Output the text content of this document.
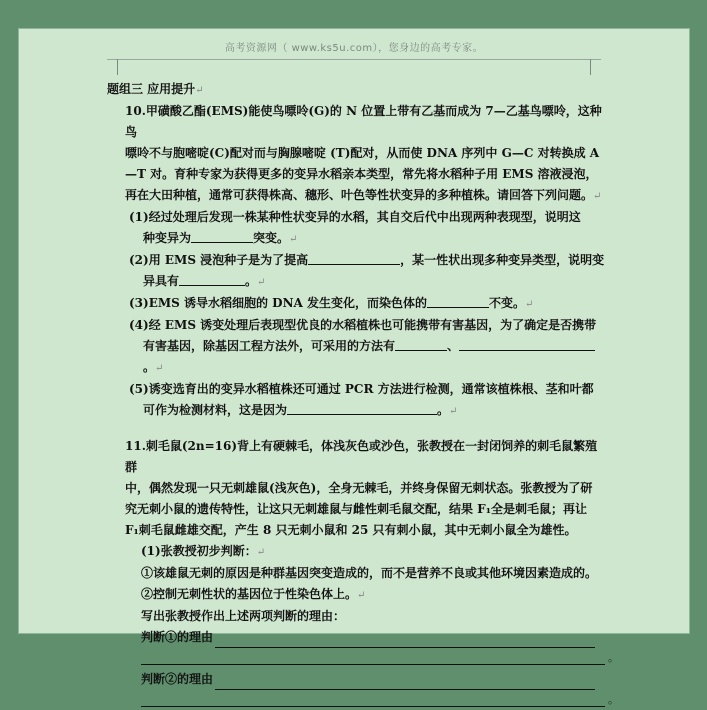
高考资源网（ www.ks5u.com），您身边的高考专家。
题组三 应用提升↵
10.甲磺酸乙酯(EMS)能使鸟嘌呤(G)的 N 位置上带有乙基而成为 7—乙基鸟嘌呤，这种鸟
嘌呤不与胞嘧啶(C)配对而与胸腺嘧啶 (T)配对，从而使 DNA 序列中 G—C 对转换成 A
—T 对。育种专家为获得更多的变异水稻亲本类型，常先将水稻种子用 EMS 溶液浸泡，
再在大田种植，通常可获得株高、穗形、叶色等性状变异的多种植株。请回答下列问题。↵
(1)经过处理后发现一株某种性状变异的水稻，其自交后代中出现两种表现型，说明这
种变异为	突变。↵
(2)用 EMS 浸泡种子是为了提高	，某一性状出现多种变异类型，说明变
异具有	。↵
(3)EMS 诱导水稻细胞的 DNA 发生变化，而染色体的	不变。↵
(4)经 EMS 诱变处理后表现型优良的水稻植株也可能携带有害基因，为了确定是否携带
有害基因，除基因工程方法外，可采用的方法有	、。↵
(5)诱变选育出的变异水稻植株还可通过 PCR 方法进行检测，通常该植株根、茎和叶都
可作为检测材料，这是因为	。↵
11.刺毛鼠(2n=16)背上有硬棘毛，体浅灰色或沙色，张教授在一封闭饲养的刺毛鼠繁殖群
中，偶然发现一只无刺雄鼠(浅灰色)，全身无棘毛，并终身保留无刺状态。张教授为了研
究无刺小鼠的遗传特性，让这只无刺雄鼠与雌性刺毛鼠交配，结果 F₁全是刺毛鼠；再让
F₁刺毛鼠雌雄交配，产生 8 只无刺小鼠和 25 只有刺小鼠，其中无刺小鼠全为雄性。
(1)张教授初步判断：↵
①该雄鼠无刺的原因是种群基因突变造成的，而不是营养不良或其他环境因素造成的。
②控制无刺性状的基因位于性染色体上。↵
写出张教授作出上述两项判断的理由：
判断①的理由
。
判断②的理由
。
